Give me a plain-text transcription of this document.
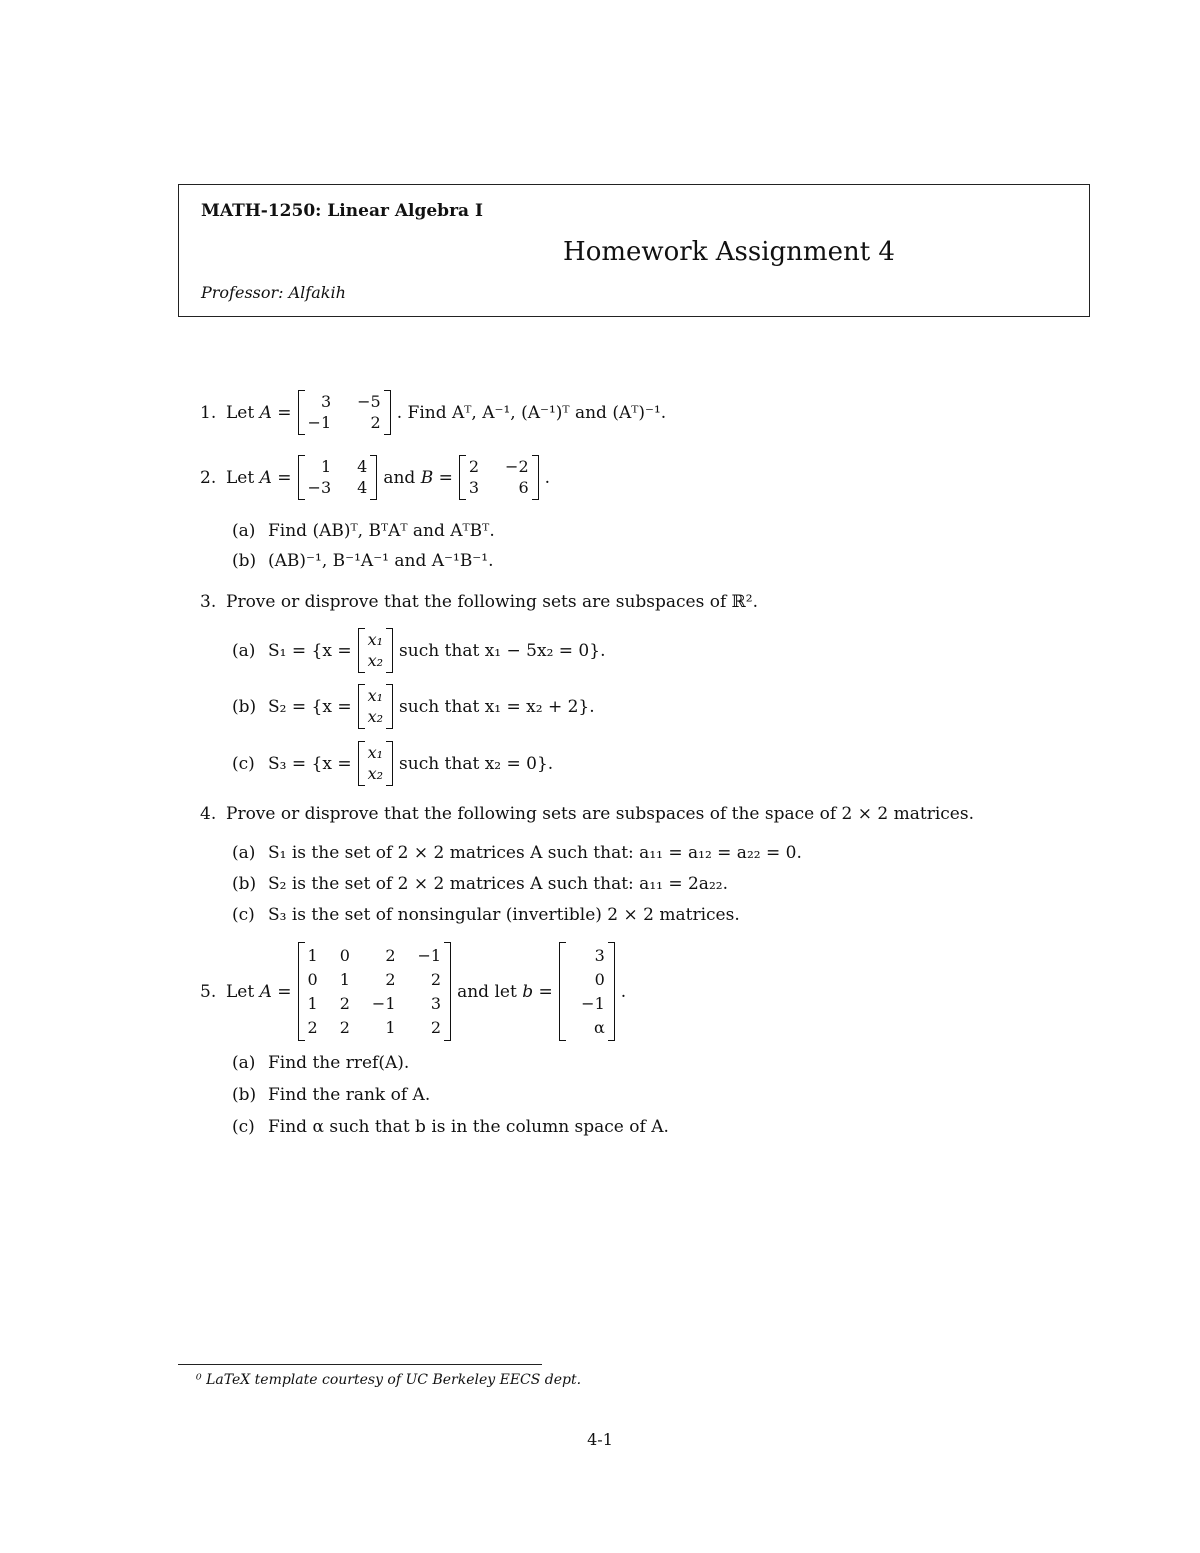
MATH-1250: Linear Algebra I
Homework Assignment 4
Professor: Alfakih
1. Let
A
=
3 −5
−1	2 . Find Aᵀ, A⁻¹, (A⁻¹)ᵀ and (Aᵀ)⁻¹.
2. Let
A
=
1 4
−3 4 and
B
=
2 −2
3	6 .
(a) Find (AB)ᵀ, BᵀAᵀ and AᵀBᵀ.
(b) (AB)⁻¹, B⁻¹A⁻¹ and A⁻¹B⁻¹.
3. Prove or disprove that the following sets are subspaces of ℝ².
(a) S₁ = {x =
x₁
x₂ such that x₁ − 5x₂ = 0}.
(b) S₂ = {x =
x₁
x₂ such that x₁ = x₂ + 2}.
(c) S₃ = {x =
x₁
x₂ such that x₂ = 0}.
4. Prove or disprove that the following sets are subspaces of the space of 2 × 2 matrices.
(a) S₁ is the set of 2 × 2 matrices A such that: a₁₁ = a₁₂ = a₂₂ = 0.
(b) S₂ is the set of 2 × 2 matrices A such that: a₁₁ = 2a₂₂.
(c) S₃ is the set of nonsingular (invertible) 2 × 2 matrices.
5. Let
A
=
1 0	2 −1
0 1	2	2
1 2 −1	3
2 2	1	2
and let
b
=
3
0
−1
α
.
(a) Find the rref(A).
(b) Find the rank of A.
(c) Find α such that b is in the column space of A.
⁰ LaTeX template courtesy of UC Berkeley EECS dept.
4-1
